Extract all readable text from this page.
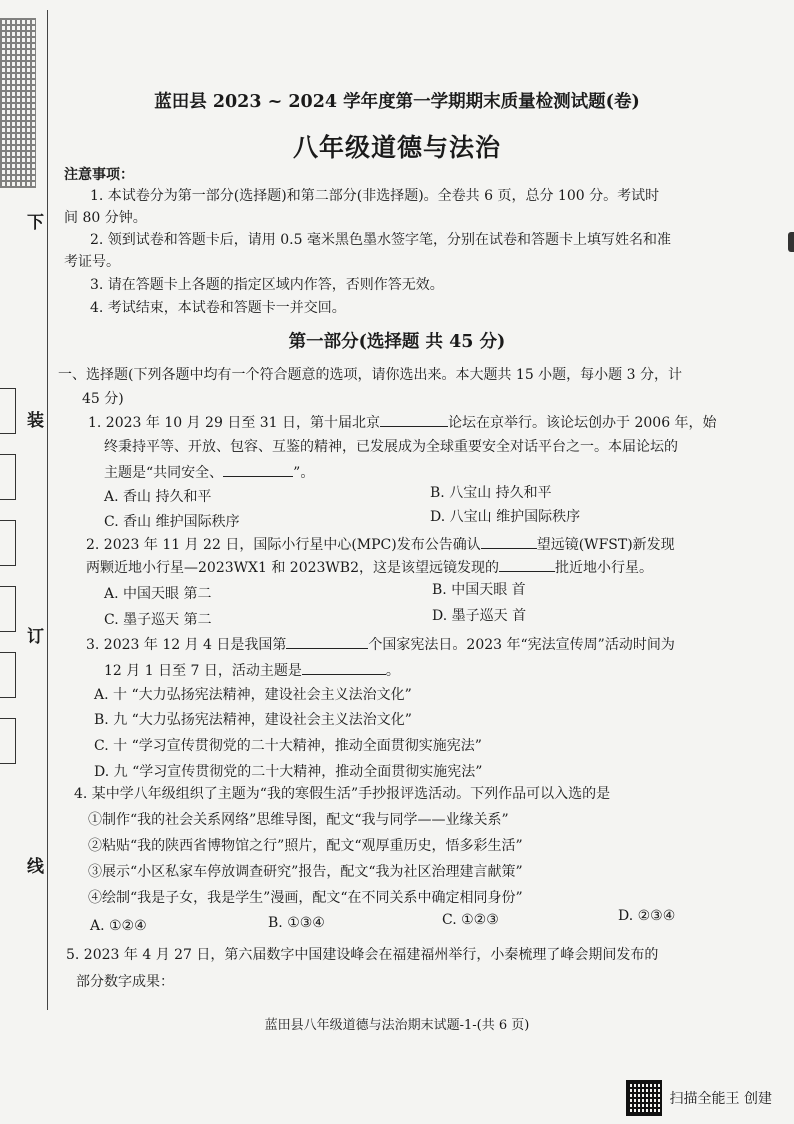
下
装
订
线
蓝田县 2023 ~ 2024 学年度第一学期期末质量检测试题(卷)
八年级道德与法治
注意事项：
1. 本试卷分为第一部分(选择题)和第二部分(非选择题)。全卷共 6 页，总分 100 分。考试时
间 80 分钟。
2. 领到试卷和答题卡后，请用 0.5 毫米黑色墨水签字笔，分别在试卷和答题卡上填写姓名和准
考证号。
3. 请在答题卡上各题的指定区域内作答，否则作答无效。
4. 考试结束，本试卷和答题卡一并交回。
第一部分(选择题 共 45 分)
一、选择题(下列各题中均有一个符合题意的选项，请你选出来。本大题共 15 小题，每小题 3 分，计
45 分)
1. 2023 年 10 月 29 日至 31 日，第十届北京	论坛在京举行。该论坛创办于 2006 年，始
终秉持平等、开放、包容、互鉴的精神，已发展成为全球重要安全对话平台之一。本届论坛的
主题是“共同安全、	”。
A. 香山 持久和平	B. 八宝山 持久和平
C. 香山 维护国际秩序	D. 八宝山 维护国际秩序
2. 2023 年 11 月 22 日，国际小行星中心(MPC)发布公告确认	望远镜(WFST)新发现
两颗近地小行星—2023WX1 和 2023WB2，这是该望远镜发现的	批近地小行星。
A. 中国天眼 第二	B. 中国天眼 首
C. 墨子巡天 第二	D. 墨子巡天 首
3. 2023 年 12 月 4 日是我国第	个国家宪法日。2023 年“宪法宣传周”活动时间为
12 月 1 日至 7 日，活动主题是	。
A. 十 “大力弘扬宪法精神，建设社会主义法治文化”
B. 九 “大力弘扬宪法精神，建设社会主义法治文化”
C. 十 “学习宣传贯彻党的二十大精神，推动全面贯彻实施宪法”
D. 九 “学习宣传贯彻党的二十大精神，推动全面贯彻实施宪法”
4. 某中学八年级组织了主题为“我的寒假生活”手抄报评选活动。下列作品可以入选的是
①制作“我的社会关系网络”思维导图，配文“我与同学——业缘关系”
②粘贴“我的陕西省博物馆之行”照片，配文“观厚重历史，悟多彩生活”
③展示“小区私家车停放调查研究”报告，配文“我为社区治理建言献策”
④绘制“我是子女，我是学生”漫画，配文“在不同关系中确定相同身份”
A. ①②④	B. ①③④	C. ①②③	D. ②③④
5. 2023 年 4 月 27 日，第六届数字中国建设峰会在福建福州举行，小秦梳理了峰会期间发布的
部分数字成果：
蓝田县八年级道德与法治期末试题-1-(共 6 页)
扫描全能王 创建
